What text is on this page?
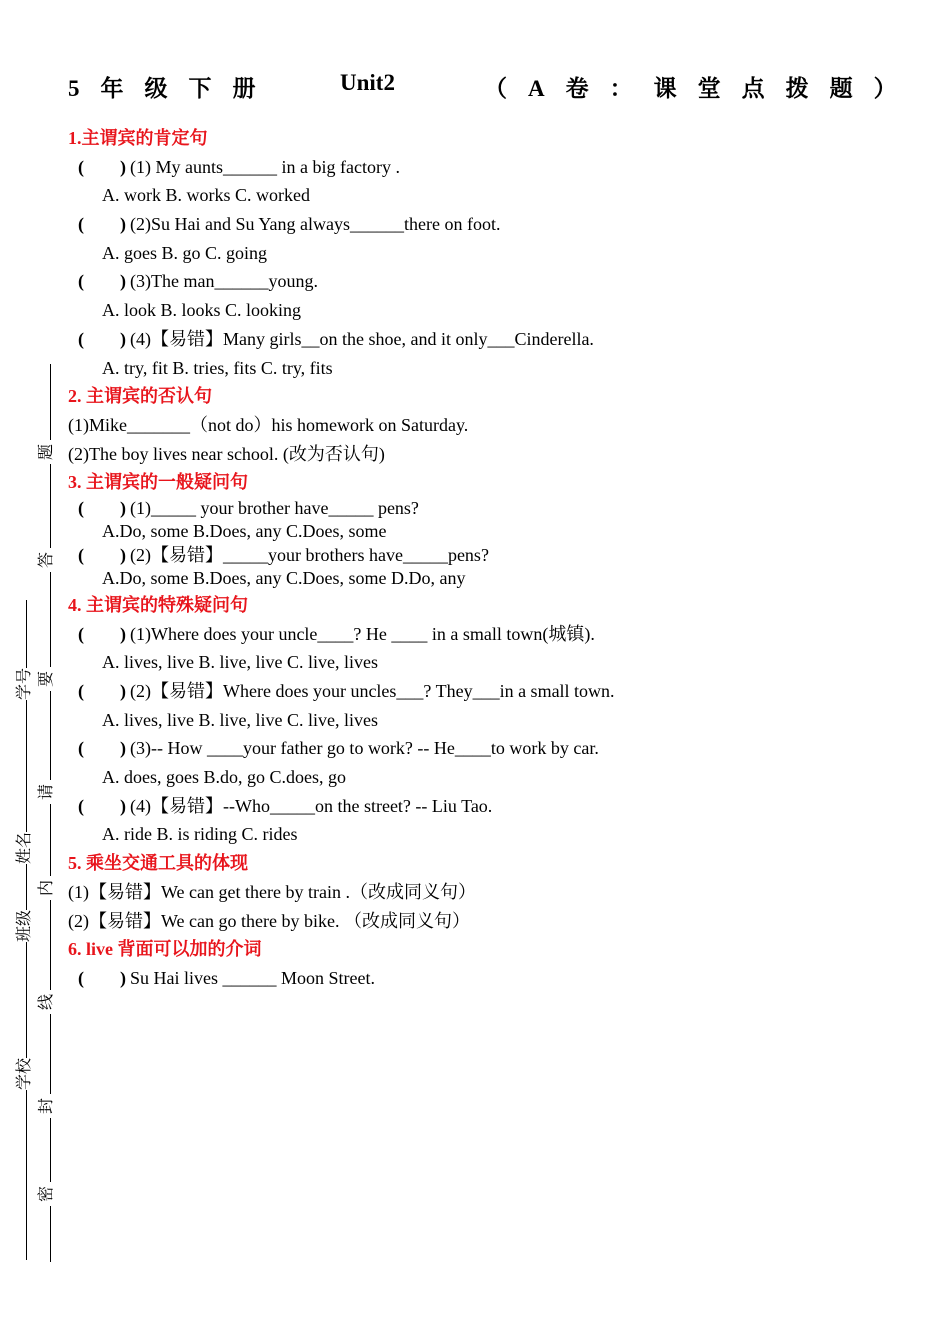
5年级下册	Unit2	（A卷：课堂点拨题）
1.主谓宾的肯定句
(　　) (1) My aunts______ in a big factory .
A. work B. works C. worked
(　　) (2)Su Hai and Su Yang always______there on foot.
A. goes B. go C. going
(　　) (3)The man______young.
A. look B. looks C. looking
(　　) (4)【易错】Many girls__on the shoe, and it only___Cinderella.
A. try, fit B. tries, fits C. try, fits
2. 主谓宾的否认句
(1)Mike_______（not do）his homework on Saturday.
(2)The boy lives near school. (改为否认句)
3. 主谓宾的一般疑问句
(　　) (1)_____ your brother have_____ pens?
A.Do, some B.Does, any C.Does, some
(　　) (2)【易错】_____your brothers have_____pens?
A.Do, some B.Does, any C.Does, some D.Do, any
4. 主谓宾的特殊疑问句
(　　) (1)Where does your uncle____? He ____ in a small town(城镇).
A. lives, live B. live, live C. live, lives
(　　) (2)【易错】Where does your uncles___? They___in a small town.
A. lives, live B. live, live C. live, lives
(　　) (3)-- How ____your father go to work? -- He____to work by car.
A. does, goes B.do, go C.does, go
(　　) (4)【易错】--Who_____on the street? -- Liu Tao.
A. ride B. is riding C. rides
5. 乘坐交通工具的体现
(1)【易错】We can get there by train .（改成同义句）
(2)【易错】We can go there by bike. （改成同义句）
6. live 背面可以加的介词
(　　) Su Hai lives ______ Moon Street.
题
答
要
请
内
线
封
密
学号
姓名
班级
学校
